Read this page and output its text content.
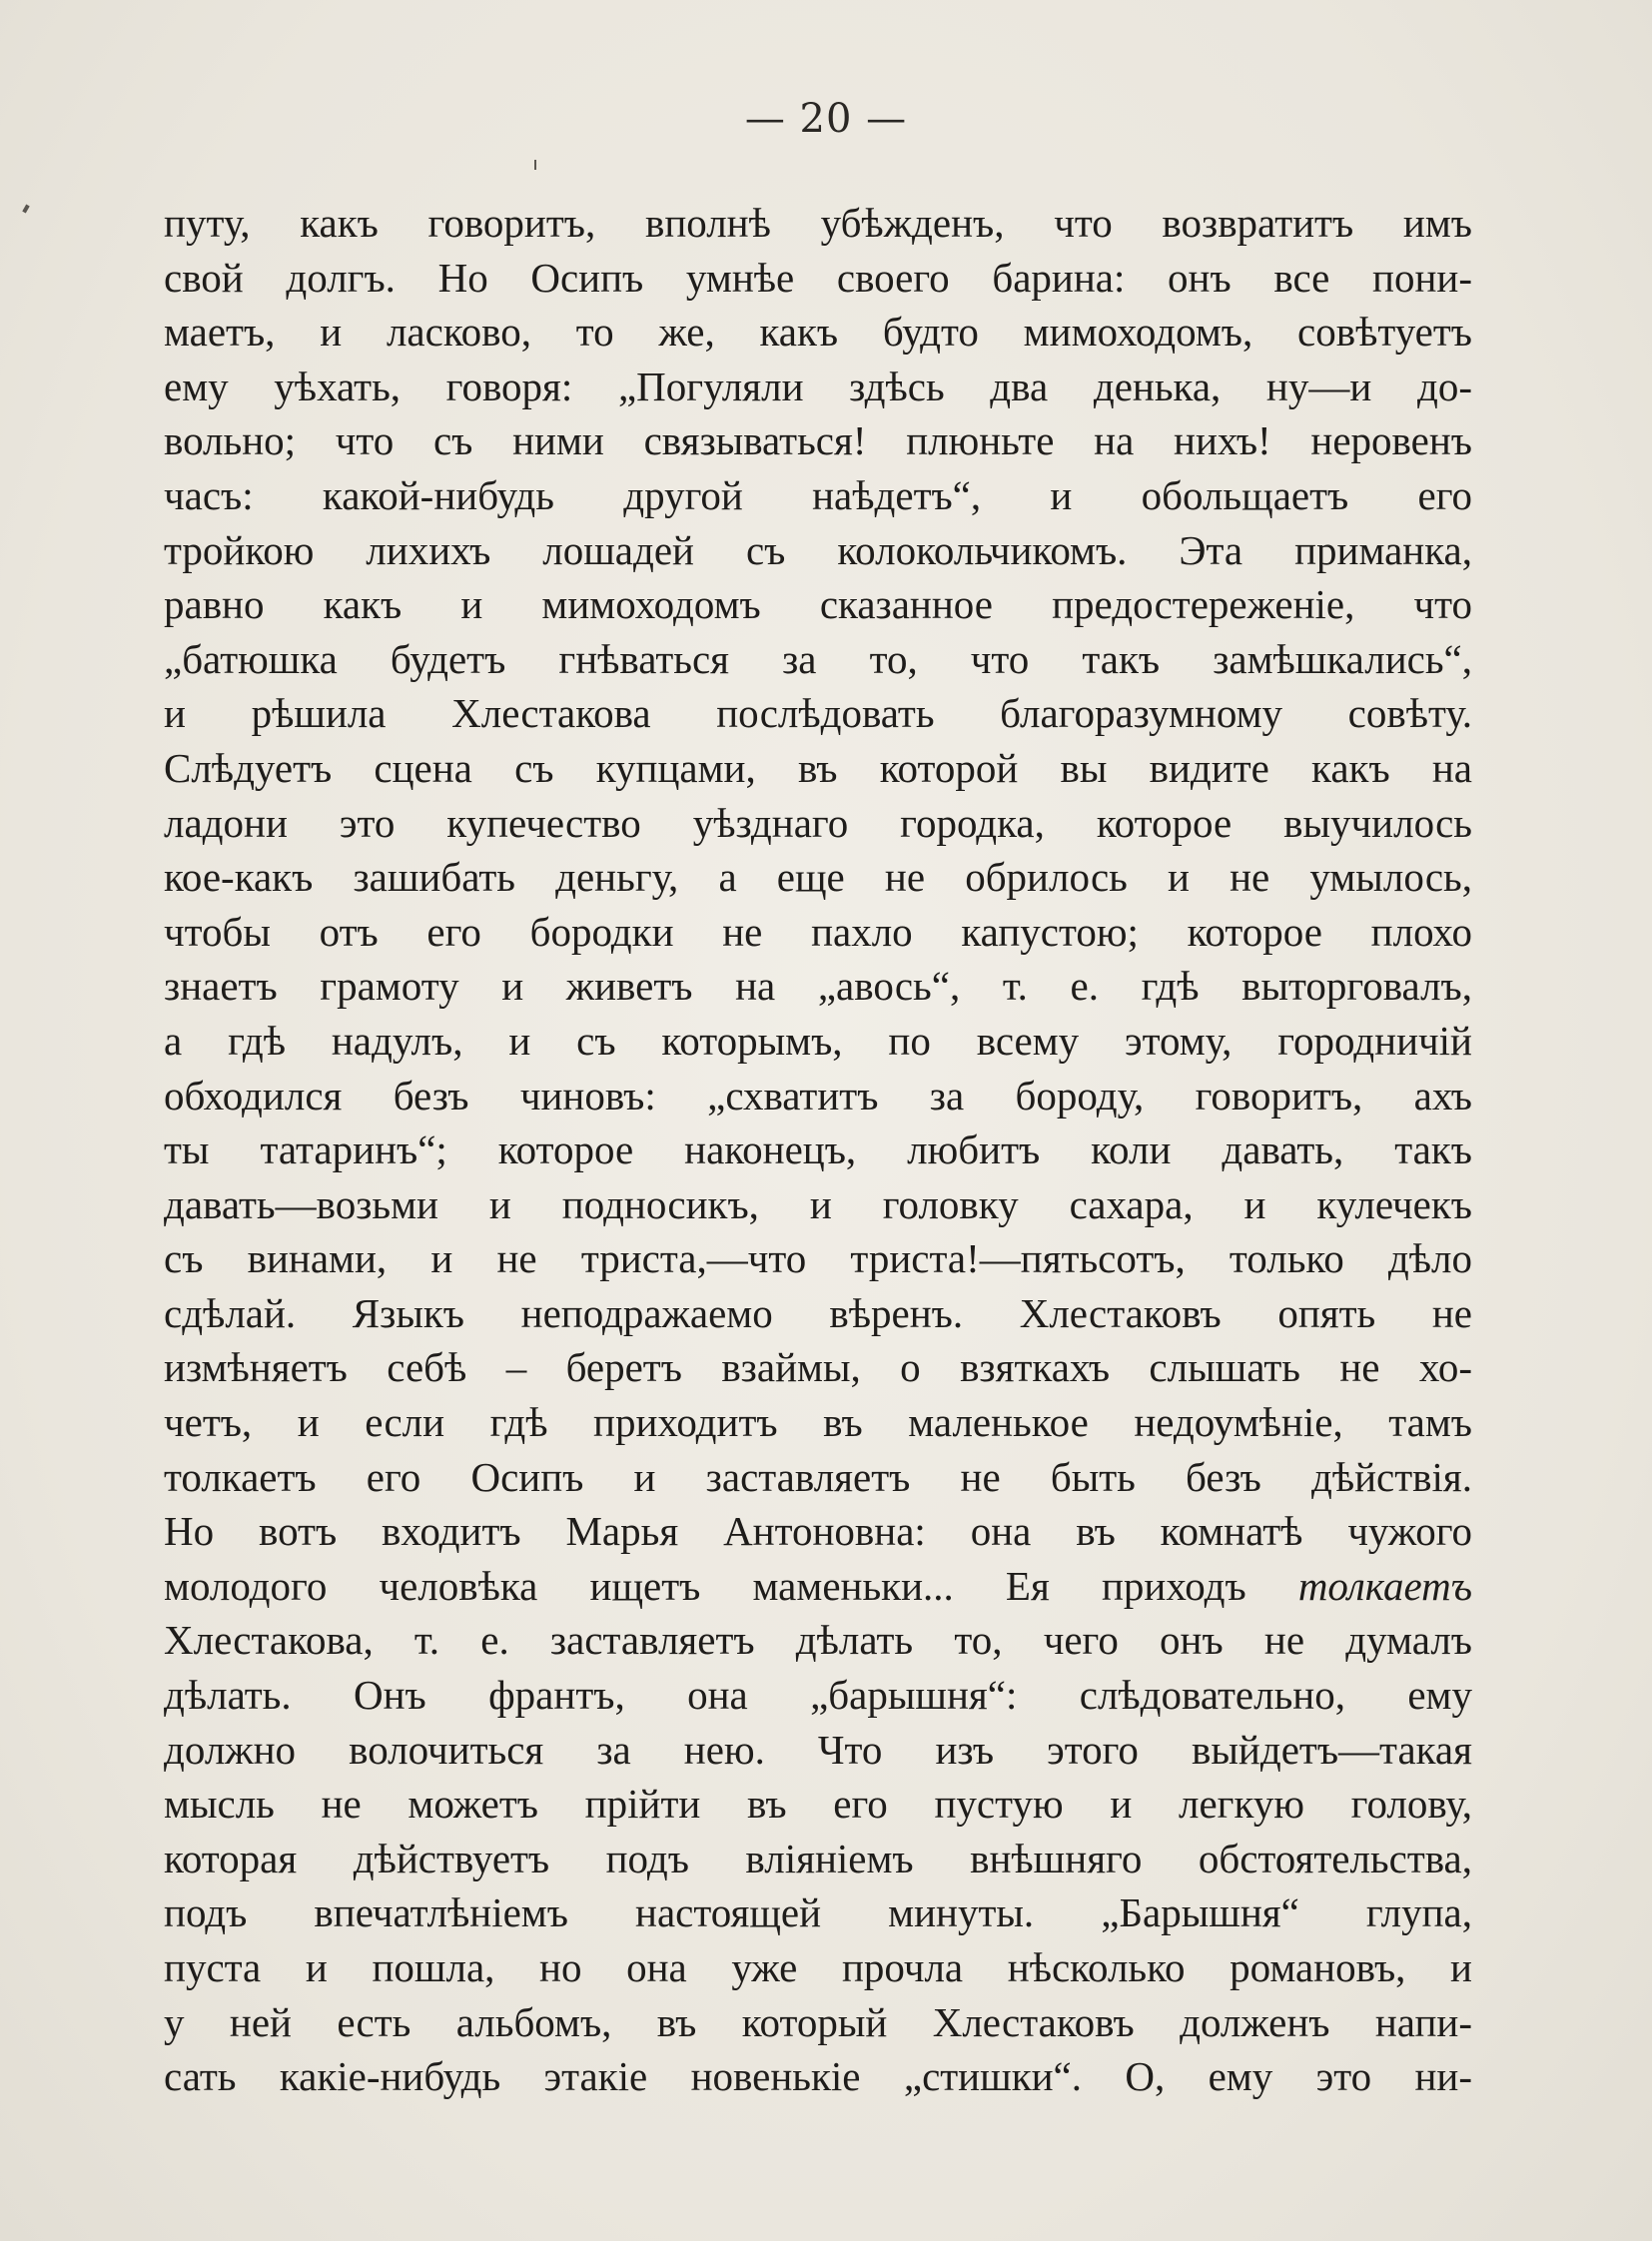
— 20 —
путу, какъ говоритъ, вполнѣ убѣжденъ, что возвратитъ имъ
свой долгъ. Но Осипъ умнѣе своего барина: онъ все пони-
маетъ, и ласково, то же, какъ будто мимоходомъ, совѣтуетъ
ему уѣхать, говоря: „Погуляли здѣсь два денька, ну—и до-
вольно; что съ ними связываться! плюньте на нихъ! неровенъ
часъ: какой-нибудь другой наѣдетъ“, и обольщаетъ его
тройкою лихихъ лошадей съ колокольчикомъ. Эта приманка,
равно какъ и мимоходомъ сказанное предостереженіе, что
„батюшка будетъ гнѣваться за то, что такъ замѣшкались“,
и рѣшила Хлестакова послѣдовать благоразумному совѣту.
Слѣдуетъ сцена съ купцами, въ которой вы видите какъ на
ладони это купечество уѣзднаго городка, которое выучилось
кое-какъ зашибать деньгу, а еще не обрилось и не умылось,
чтобы отъ его бородки не пахло капустою; которое плохо
знаетъ грамоту и живетъ на „авось“, т. е. гдѣ выторговалъ,
а гдѣ надулъ, и съ которымъ, по всему этому, городничій
обходился безъ чиновъ: „схватитъ за бороду, говоритъ, ахъ
ты татаринъ“; которое наконецъ, любитъ коли давать, такъ
давать—возьми и подносикъ, и головку сахара, и кулечекъ
съ винами, и не триста,—что триста!—пятьсотъ, только дѣло
сдѣлай. Языкъ неподражаемо вѣренъ. Хлестаковъ опять не
измѣняетъ себѣ – беретъ взаймы, о взяткахъ слышать не хо-
четъ, и если гдѣ приходитъ въ маленькое недоумѣніе, тамъ
толкаетъ его Осипъ и заставляетъ не быть безъ дѣйствія.
Но вотъ входитъ Марья Антоновна: она въ комнатѣ чужого
молодого человѣка ищетъ маменьки... Ея приходъ толкаетъ
Хлестакова, т. е. заставляетъ дѣлать то, чего онъ не думалъ
дѣлать. Онъ франтъ, она „барышня“: слѣдовательно, ему
должно волочиться за нею. Что изъ этого выйдетъ—такая
мысль не можетъ прійти въ его пустую и легкую голову,
которая дѣйствуетъ подъ вліяніемъ внѣшняго обстоятельства,
подъ впечатлѣніемъ настоящей минуты. „Барышня“ глупа,
пуста и пошла, но она уже прочла нѣсколько романовъ, и
у ней есть альбомъ, въ который Хлестаковъ долженъ напи-
сать какіе-нибудь этакіе новенькіе „стишки“. О, ему это ни-
